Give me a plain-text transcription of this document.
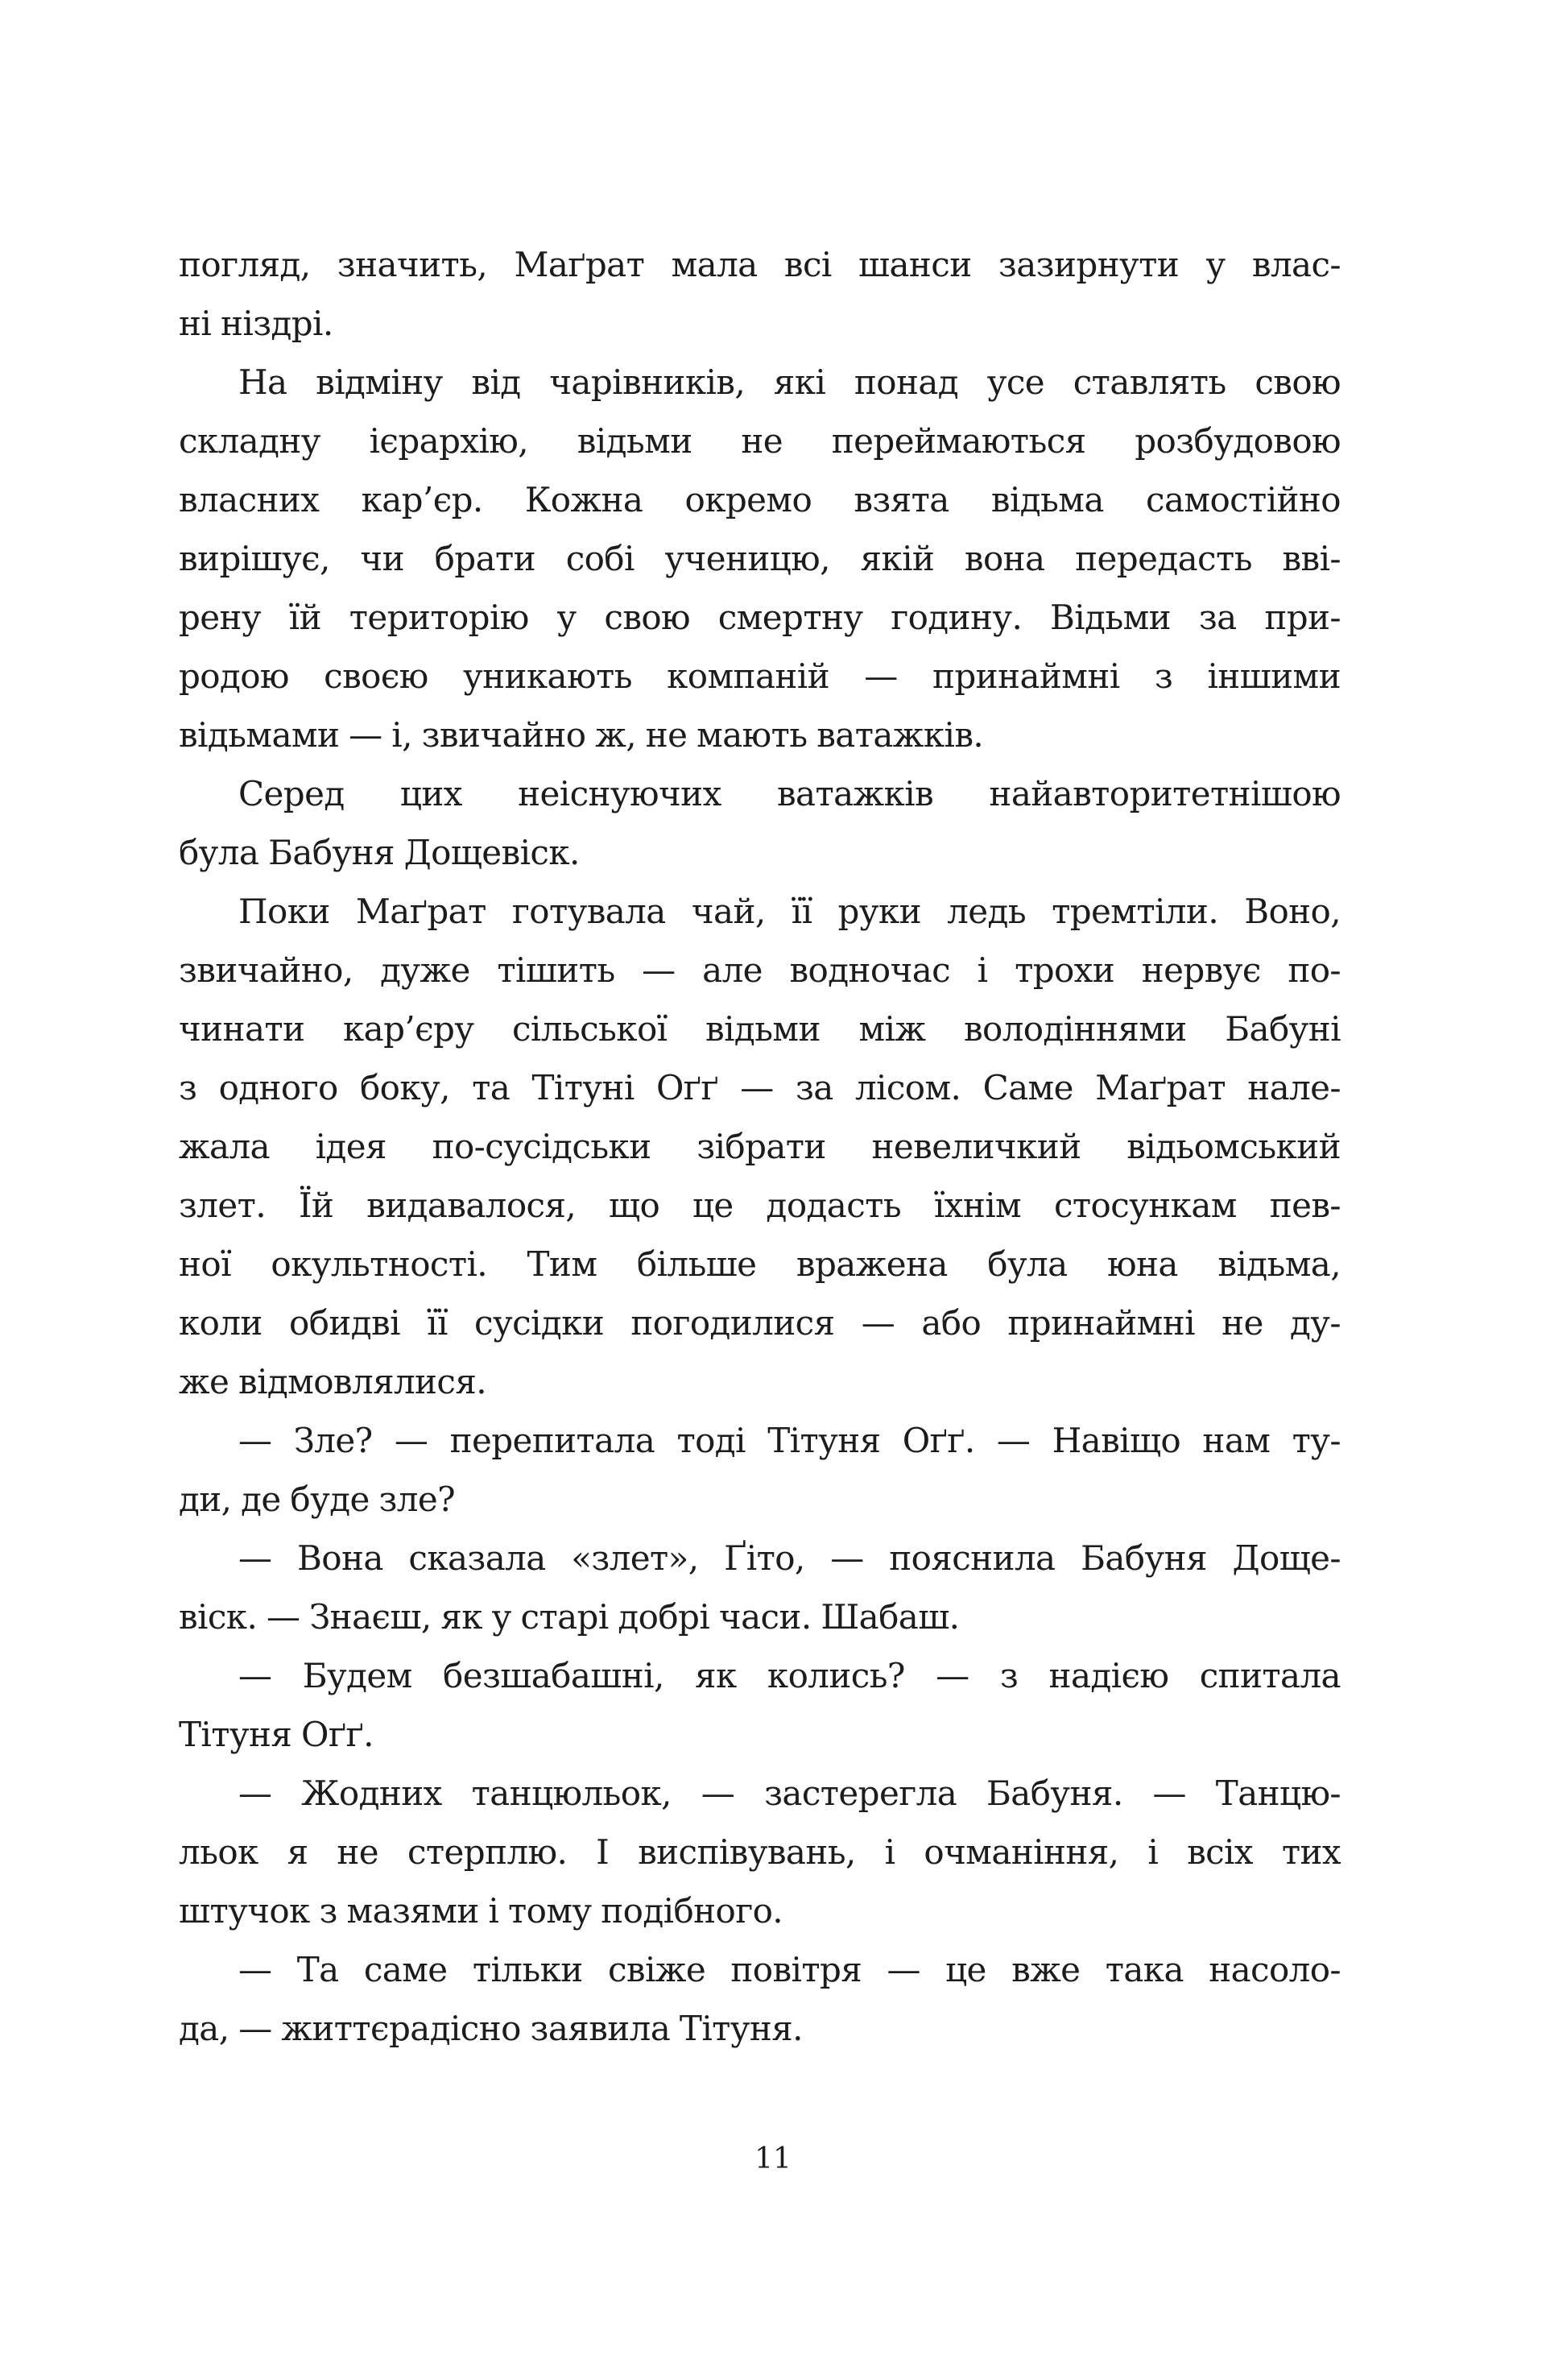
погляд, значить, Маґрат мала всі шанси зазирнути у влас-
ні ніздрі.
На відміну від чарівників, які понад усе ставлять свою
складну ієрархію, відьми не переймаються розбудовою
власних кар’єр. Кожна окремо взята відьма самостійно
вирішує, чи брати собі ученицю, якій вона передасть вві-
рену їй територію у свою смертну годину. Відьми за при-
родою своєю уникають компаній — принаймні з іншими
відьмами — і, звичайно ж, не мають ватажків.
Серед цих неіснуючих ватажків найавторитетнішою
була Бабуня Дощевіск.
Поки Маґрат готувала чай, її руки ледь тремтіли. Воно,
звичайно, дуже тішить — але водночас і трохи нервує по-
чинати кар’єру сільської відьми між володіннями Бабуні
з одного боку, та Тітуні Оґґ — за лісом. Саме Маґрат нале-
жала ідея по-сусідськи зібрати невеличкий відьомський
злет. Їй видавалося, що це додасть їхнім стосункам пев-
ної окультності. Тим більше вражена була юна відьма,
коли обидві її сусідки погодилися — або принаймні не ду-
же відмовлялися.
— Зле? — перепитала тоді Тітуня Оґґ. — Навіщо нам ту-
ди, де буде зле?
— Вона сказала «злет», Ґіто, — пояснила Бабуня Доще-
віск. — Знаєш, як у старі добрі часи. Шабаш.
— Будем безшабашні, як колись? — з надією спитала
Тітуня Оґґ.
— Жодних танцюльок, — застерегла Бабуня. — Танцю-
льок я не стерплю. І виспівувань, і очманіння, і всіх тих
штучок з мазями і тому подібного.
— Та саме тільки свіже повітря — це вже така насоло-
да, — життєрадісно заявила Тітуня.
11
